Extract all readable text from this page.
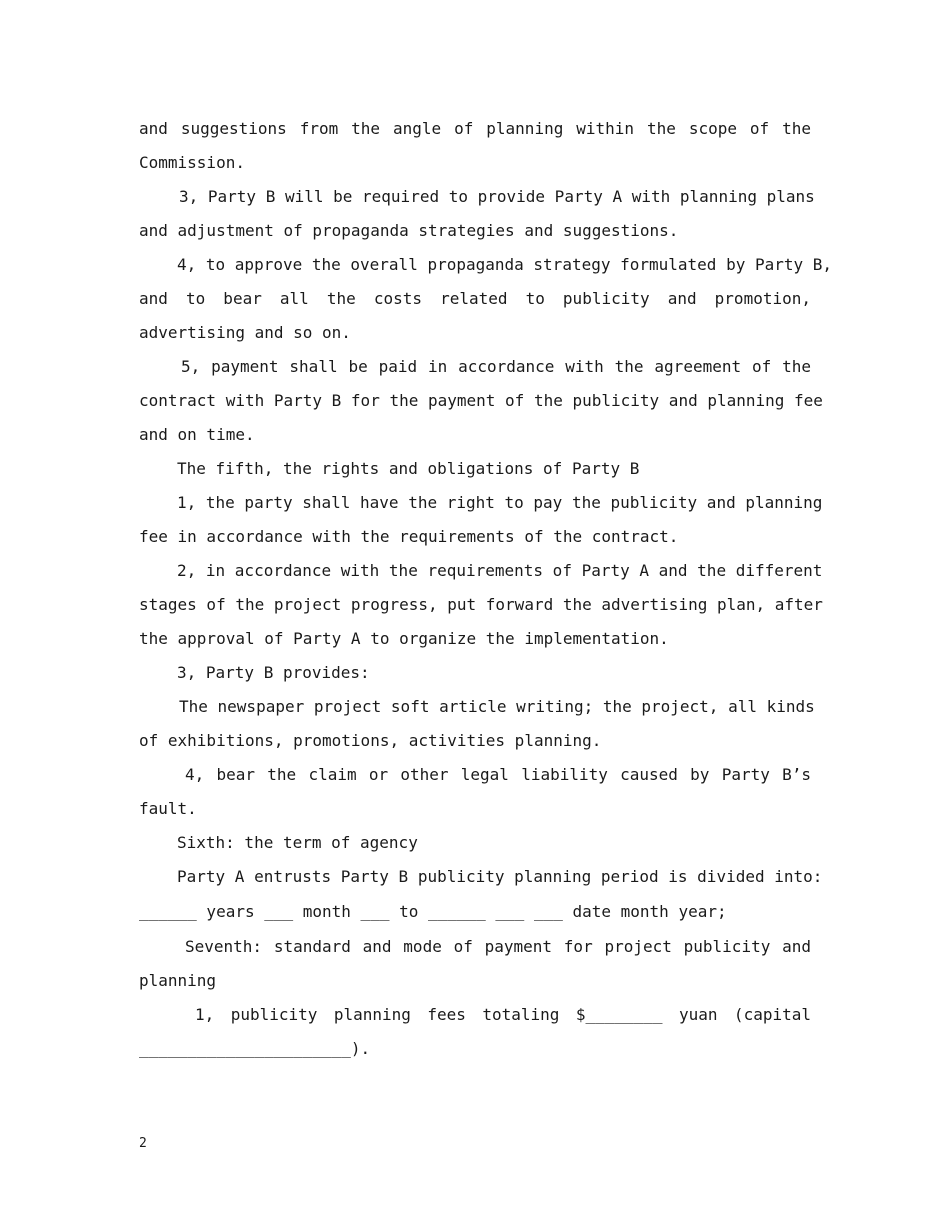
and suggestions from the angle of planning within the scope of the
Commission.
3, Party B will be required to provide Party A with planning plans
and adjustment of propaganda strategies and suggestions.
4, to approve the overall propaganda strategy formulated by Party B,
and to bear all the costs related to publicity and promotion,
advertising and so on.
5, payment shall be paid in accordance with the agreement of the
contract with Party B for the payment of the publicity and planning fee
and on time.
The fifth, the rights and obligations of Party B
1, the party shall have the right to pay the publicity and planning
fee in accordance with the requirements of the contract.
2, in accordance with the requirements of Party A and the different
stages of the project progress, put forward the advertising plan, after
the approval of Party A to organize the implementation.
3, Party B provides:
The newspaper project soft article writing; the project, all kinds
of exhibitions, promotions, activities planning.
4, bear the claim or other legal liability caused by Party B’s
fault.
Sixth: the term of agency
Party A entrusts Party B publicity planning period is divided into:
______ years ___ month ___ to ______ ___ ___ date month year;
Seventh: standard and mode of payment for project publicity and
planning
1, publicity planning fees totaling $________ yuan (capital
______________________).
2
